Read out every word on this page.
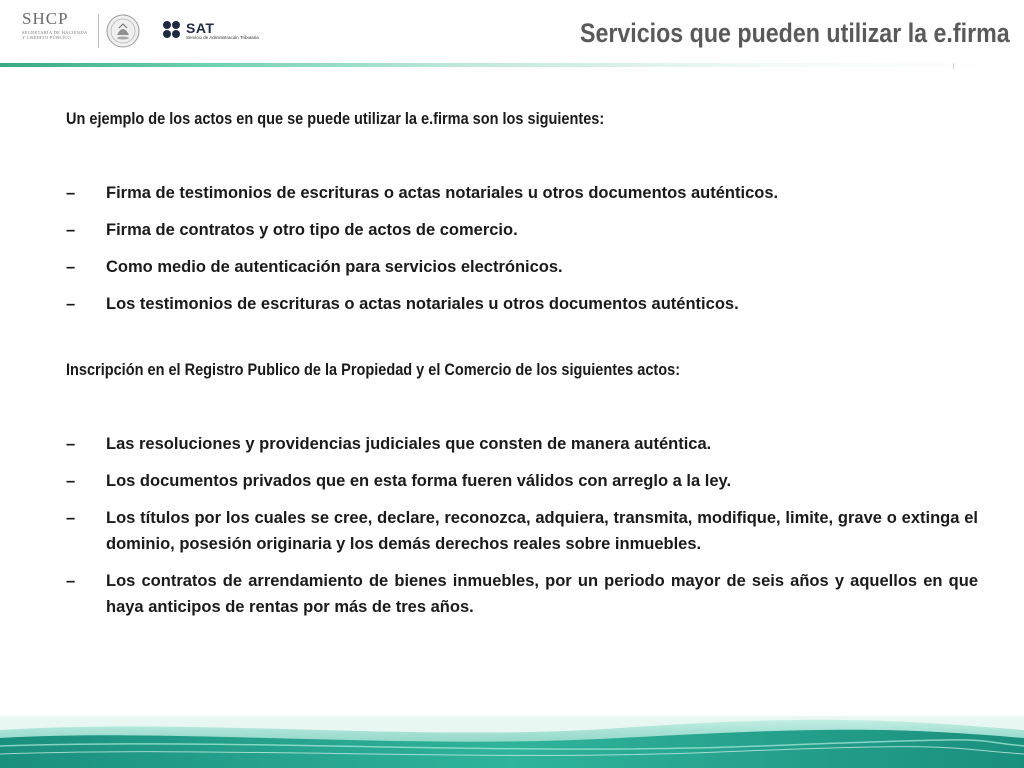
SHCP
SECRETARÍA DE HACIENDA
Y CRÉDITO PÚBLICO
SAT
Servicio de Administración Tributaria	Servicios que pueden utilizar la e.firma
Un ejemplo de los actos en que se puede utilizar la e.firma son los siguientes:
–	Firma de testimonios de escrituras o actas notariales u otros documentos auténticos.
–	Firma de contratos y otro tipo de actos de comercio.
–	Como medio de autenticación para servicios electrónicos.
–	Los testimonios de escrituras o actas notariales u otros documentos auténticos.
Inscripción en el Registro Publico de la Propiedad y el Comercio de los siguientes actos:
–	Las resoluciones y providencias judiciales que consten de manera auténtica.
–	Los documentos privados que en esta forma fueren válidos con arreglo a la ley.
–	Los títulos por los cuales se cree, declare, reconozca, adquiera, transmita, modifique, limite, grave o extinga el dominio, posesión originaria y los demás derechos reales sobre inmuebles.
–	Los contratos de arrendamiento de bienes inmuebles, por un periodo mayor de seis años y aquellos en que haya anticipos de rentas por más de tres años.
